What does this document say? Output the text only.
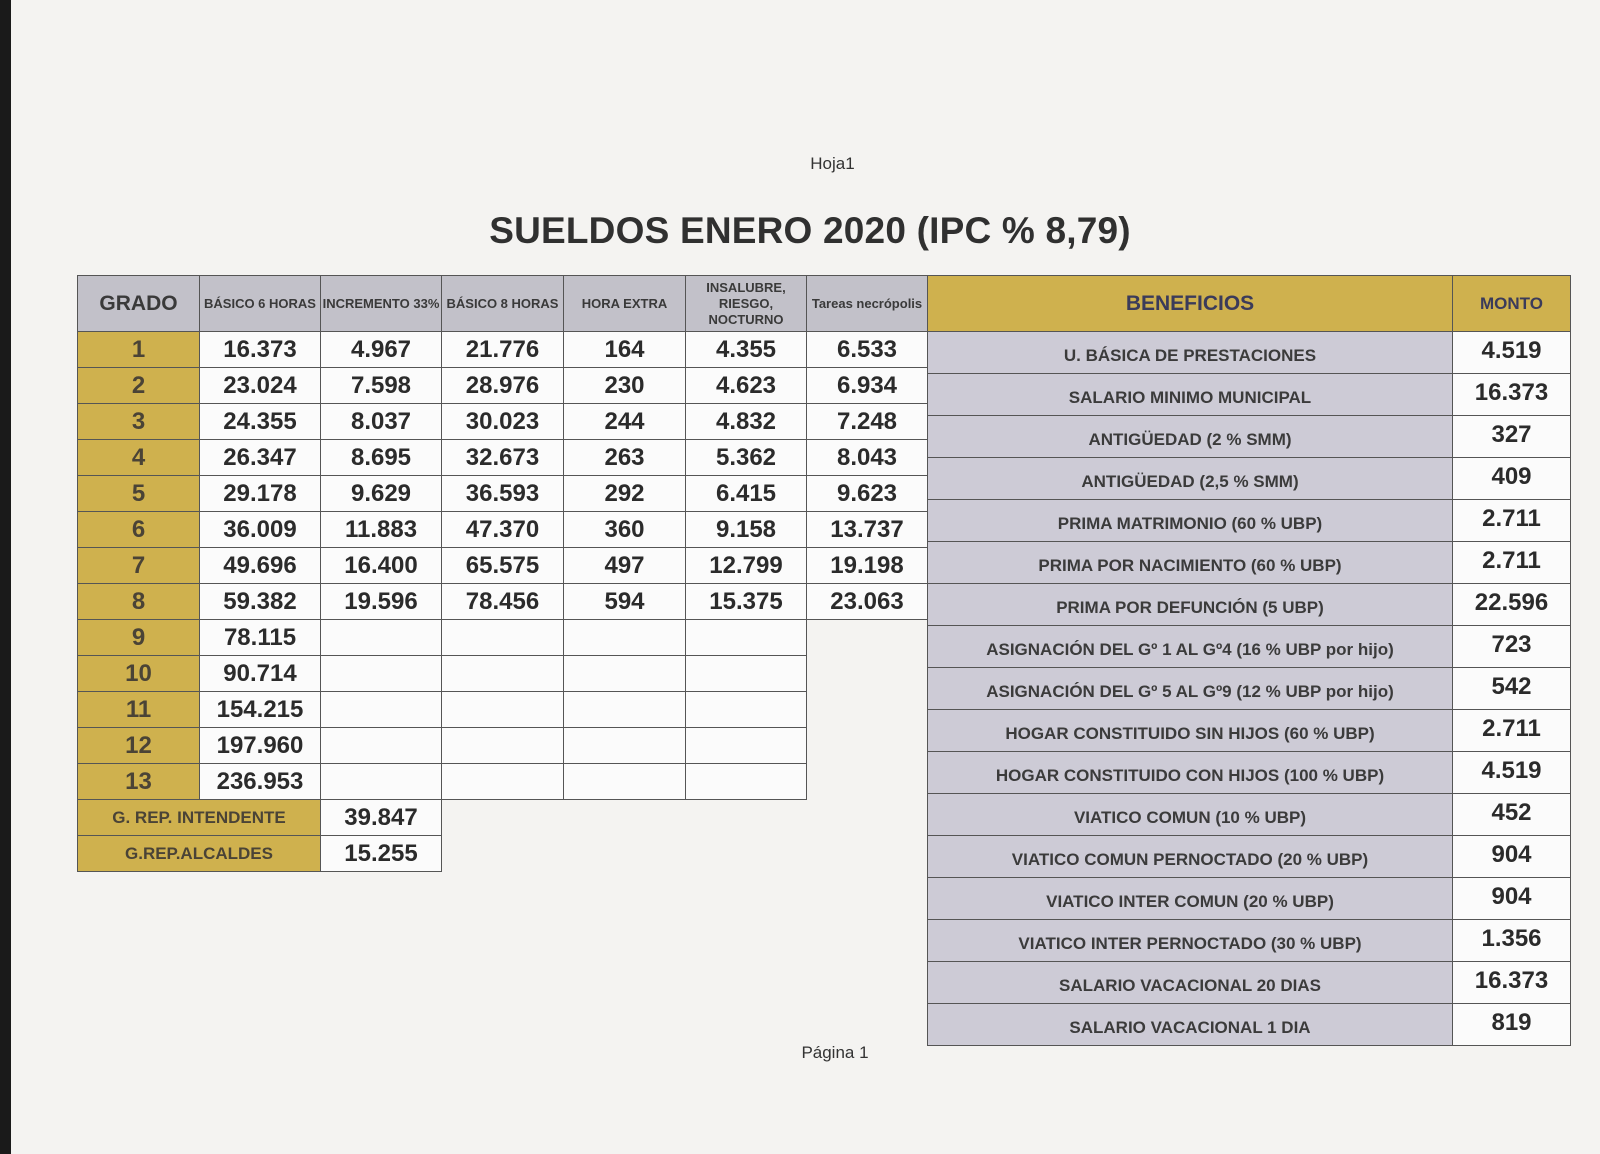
Hoja1
SUELDOS ENERO 2020 (IPC % 8,79)
GRADO	BÁSICO 6 HORAS	INCREMENTO 33%	BÁSICO 8 HORAS	HORA EXTRA	INSALUBRE, RIESGO, NOCTURNO	Tareas necrópolis
1	16.373	4.967	21.776	164	4.355	6.533
2	23.024	7.598	28.976	230	4.623	6.934
3	24.355	8.037	30.023	244	4.832	7.248
4	26.347	8.695	32.673	263	5.362	8.043
5	29.178	9.629	36.593	292	6.415	9.623
6	36.009	11.883	47.370	360	9.158	13.737
7	49.696	16.400	65.575	497	12.799	19.198
8	59.382	19.596	78.456	594	15.375	23.063
9	78.115					
10	90.714					
11	154.215					
12	197.960					
13	236.953					
G. REP. INTENDENTE		39.847				
G.REP.ALCALDES		15.255				
BENEFICIOS	MONTO
U. BÁSICA DE PRESTACIONES	4.519
SALARIO MINIMO MUNICIPAL	16.373
ANTIGÜEDAD (2 % SMM)	327
ANTIGÜEDAD (2,5 % SMM)	409
PRIMA MATRIMONIO (60 % UBP)	2.711
PRIMA POR NACIMIENTO (60 % UBP)	2.711
PRIMA POR DEFUNCIÓN (5 UBP)	22.596
ASIGNACIÓN DEL Gº 1 AL Gº4 (16 % UBP por hijo)	723
ASIGNACIÓN DEL Gº 5 AL Gº9 (12 % UBP por hijo)	542
HOGAR CONSTITUIDO SIN HIJOS (60 % UBP)	2.711
HOGAR CONSTITUIDO CON HIJOS (100 % UBP)	4.519
VIATICO COMUN (10 % UBP)	452
VIATICO COMUN PERNOCTADO (20 % UBP)	904
VIATICO INTER COMUN (20 % UBP)	904
VIATICO INTER PERNOCTADO (30 % UBP)	1.356
SALARIO VACACIONAL 20 DIAS	16.373
SALARIO VACACIONAL 1 DIA	819
Página 1
